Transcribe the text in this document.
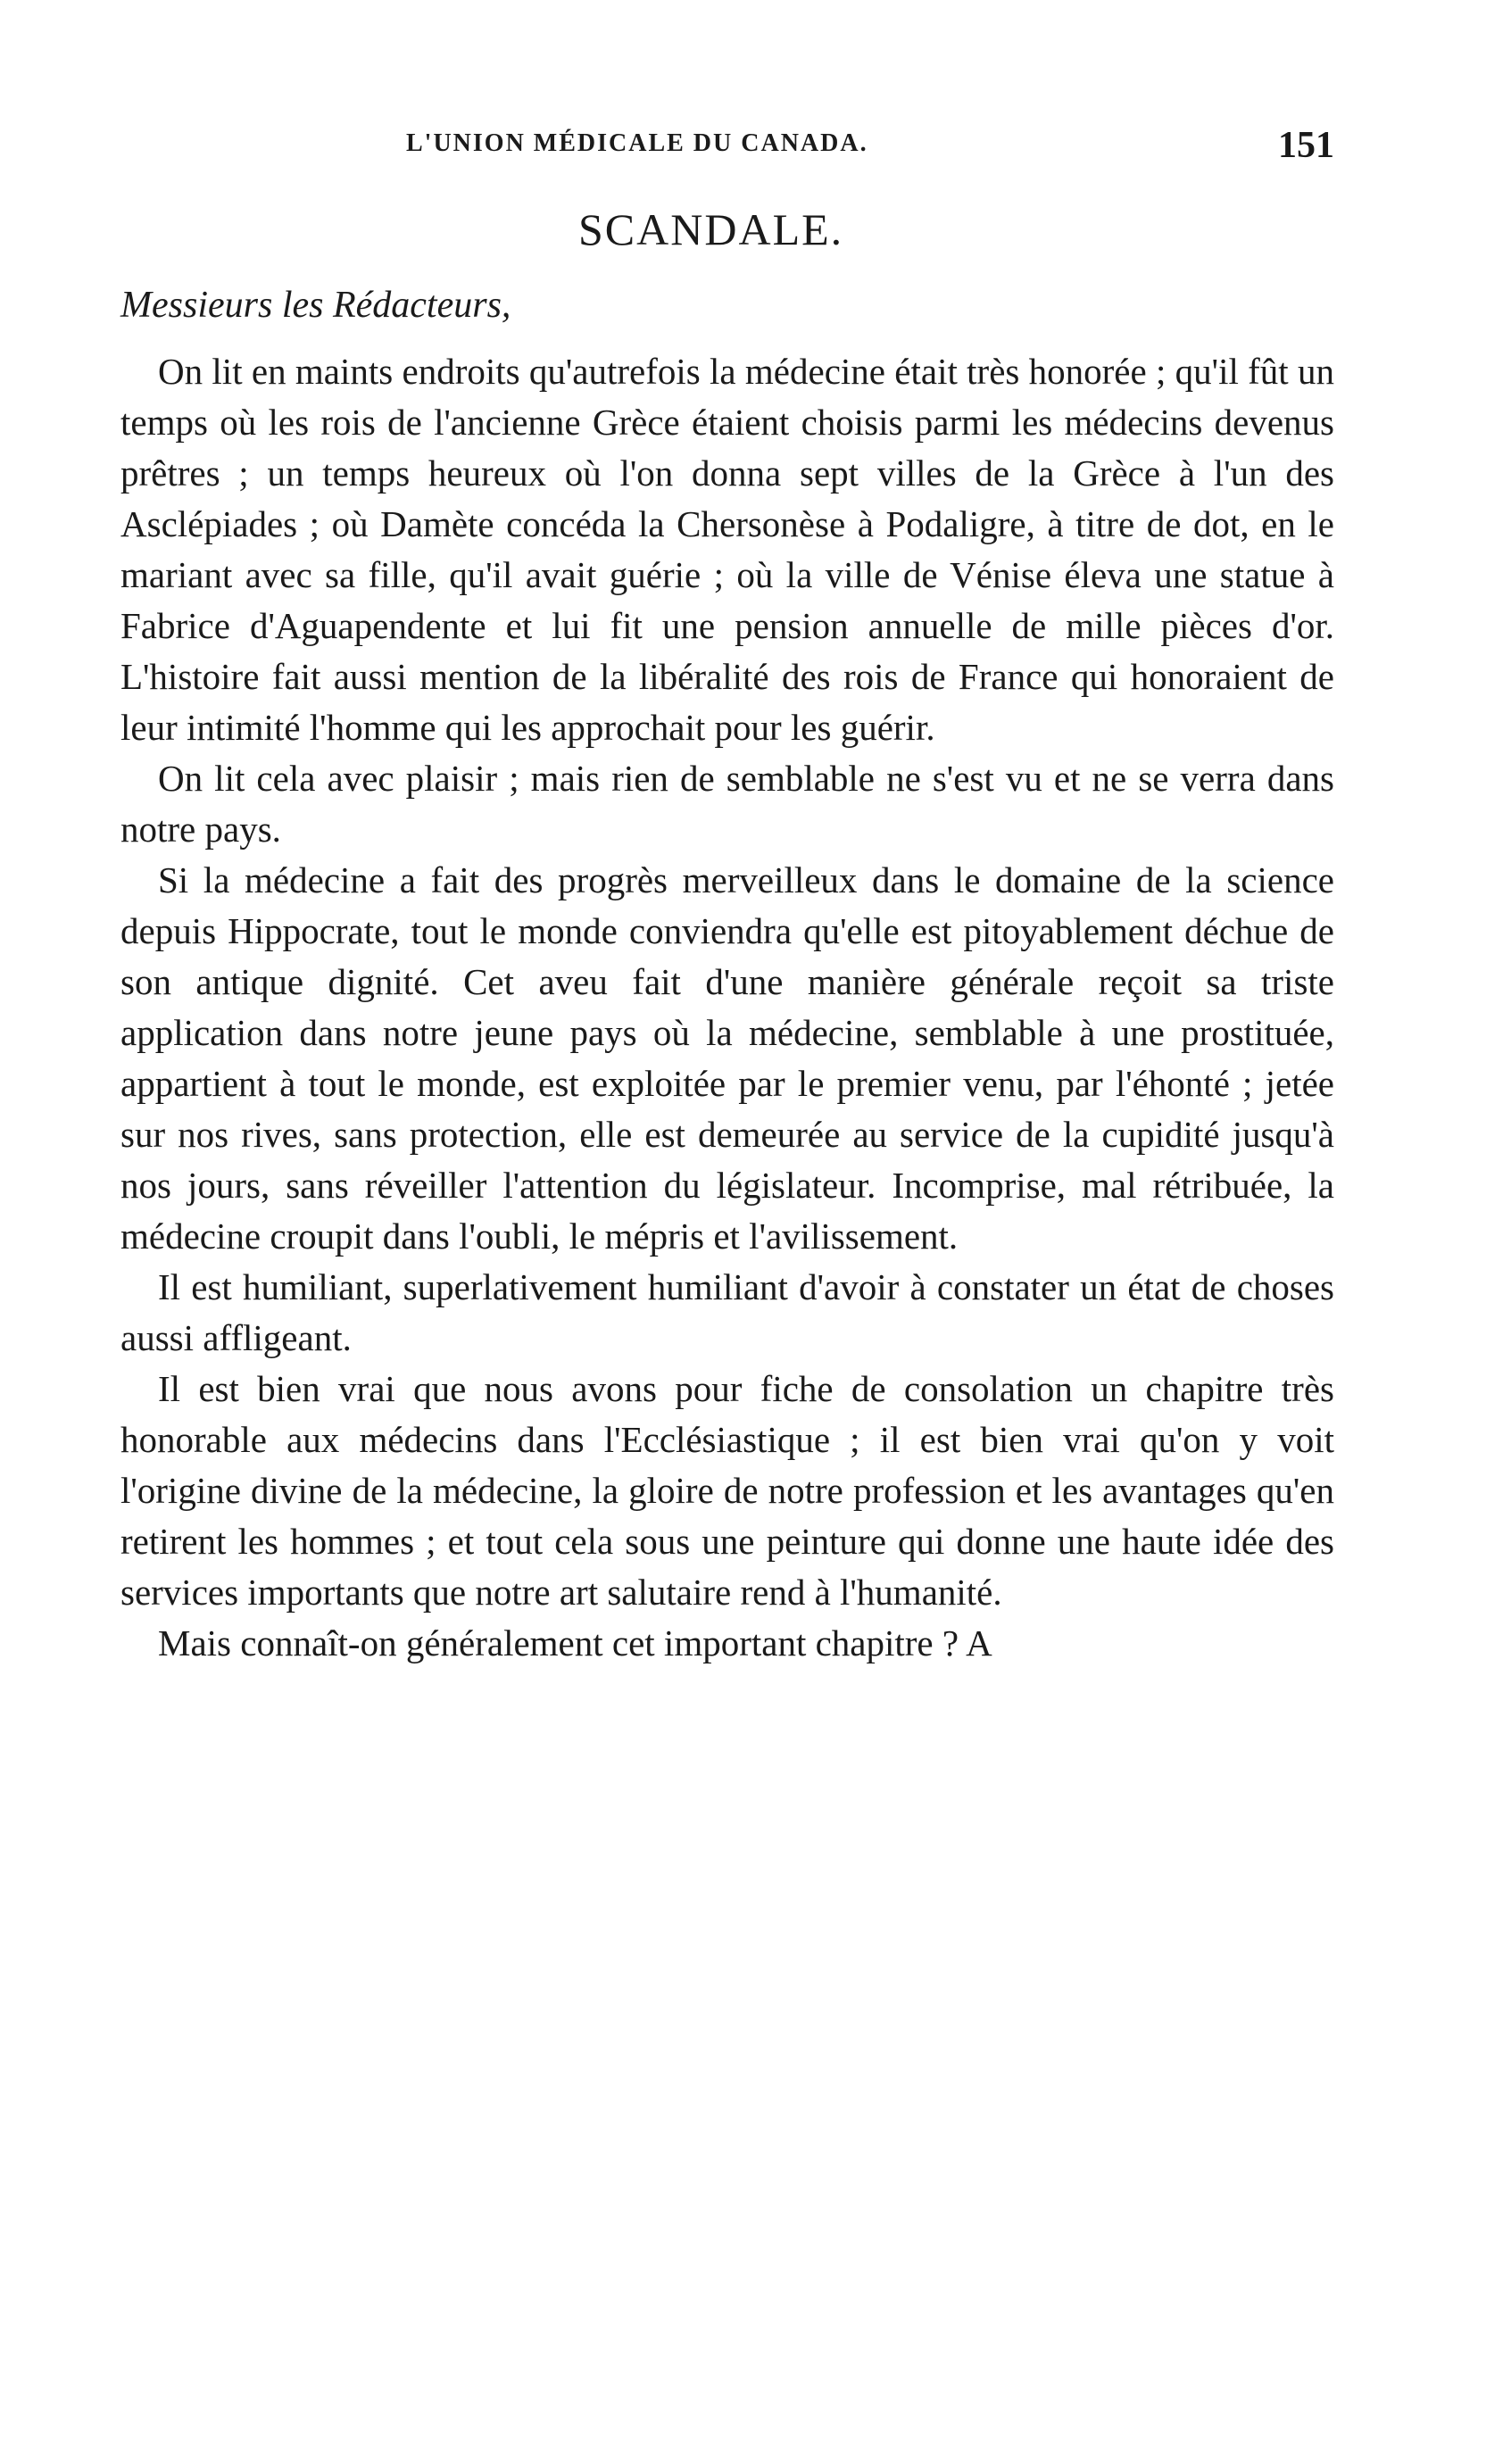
L'UNION MÉDICALE DU CANADA.	151
SCANDALE.
Messieurs les Rédacteurs,

On lit en maints endroits qu'autrefois la médecine était très honorée ; qu'il fût un temps où les rois de l'ancienne Grèce étaient choisis parmi les médecins devenus prêtres ; un temps heureux où l'on donna sept villes de la Grèce à l'un des Asclépiades ; où Damète concéda la Chersonèse à Podaligre, à titre de dot, en le mariant avec sa fille, qu'il avait guérie ; où la ville de Vénise éleva une statue à Fabrice d'Aguapendente et lui fit une pension annuelle de mille pièces d'or. L'histoire fait aussi mention de la libéralité des rois de France qui honoraient de leur intimité l'homme qui les approchait pour les guérir.

On lit cela avec plaisir ; mais rien de semblable ne s'est vu et ne se verra dans notre pays.

Si la médecine a fait des progrès merveilleux dans le domaine de la science depuis Hippocrate, tout le monde conviendra qu'elle est pitoyablement déchue de son antique dignité. Cet aveu fait d'une manière générale reçoit sa triste application dans notre jeune pays où la médecine, semblable à une prostituée, appartient à tout le monde, est exploitée par le premier venu, par l'éhonté ; jetée sur nos rives, sans protection, elle est demeurée au service de la cupidité jusqu'à nos jours, sans réveiller l'attention du législateur. Incomprise, mal rétribuée, la médecine croupit dans l'oubli, le mépris et l'avilissement.

Il est humiliant, superlativement humiliant d'avoir à constater un état de choses aussi affligeant.

Il est bien vrai que nous avons pour fiche de consolation un chapitre très honorable aux médecins dans l'Ecclésiastique ; il est bien vrai qu'on y voit l'origine divine de la médecine, la gloire de notre profession et les avantages qu'en retirent les hommes ; et tout cela sous une peinture qui donne une haute idée des services importants que notre art salutaire rend à l'humanité.

Mais connaît-on généralement cet important chapitre ? A
